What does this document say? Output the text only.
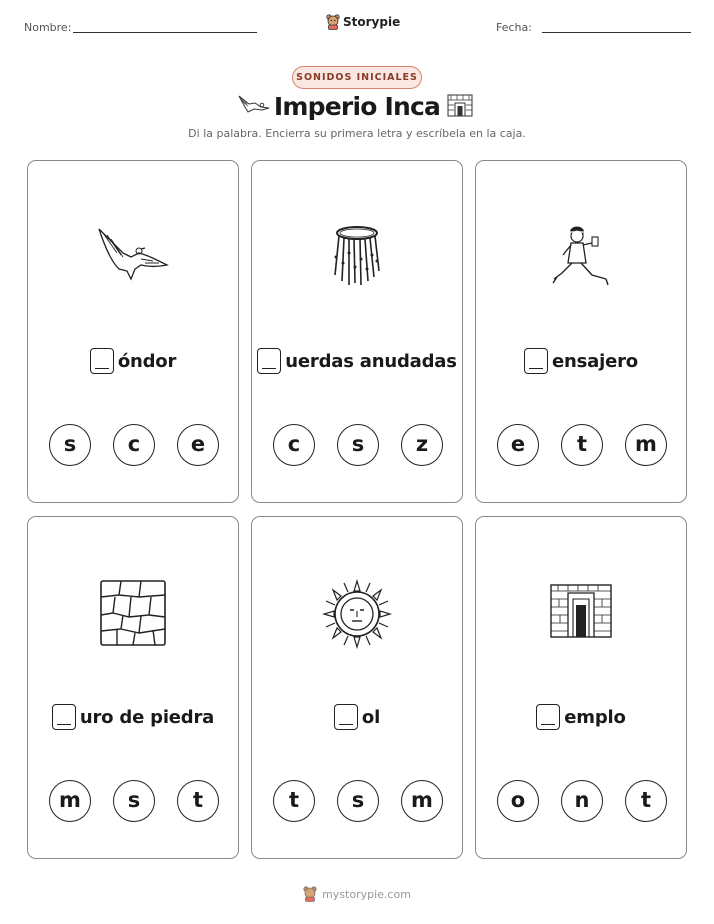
Nombre:	Storypie	Fecha:
SONIDOS INICIALES
Imperio Inca
Di la palabra. Encierra su primera letra y escríbela en la caja.
óndor
s	c	e
uerdas anudadas
c	s	z
ensajero
e	t	m
uro de piedra
m	s	t
ol
t	s	m
emplo
o	n	t
mystorypie.com
